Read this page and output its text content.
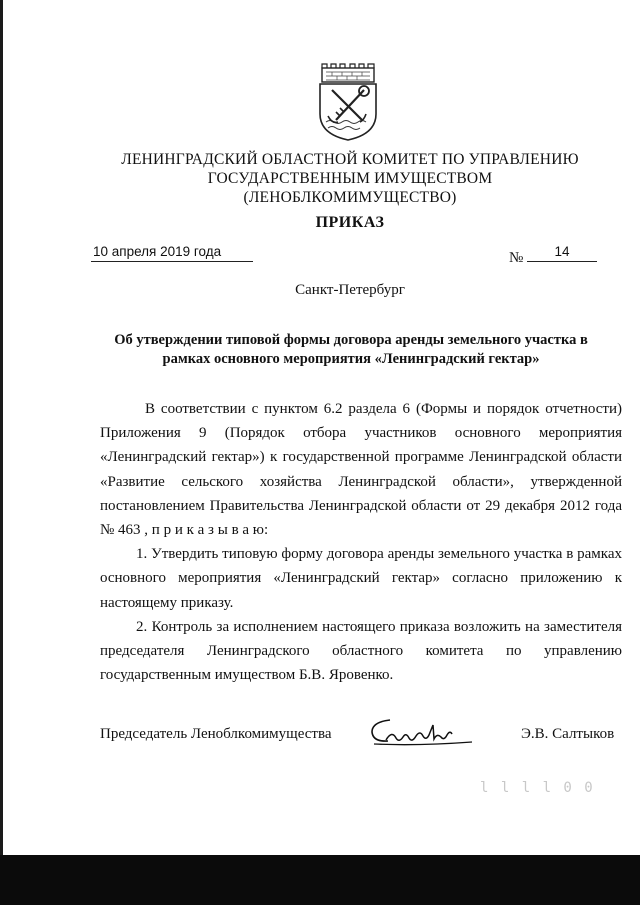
ЛЕНИНГРАДСКИЙ ОБЛАСТНОЙ КОМИТЕТ ПО УПРАВЛЕНИЮ
ГОСУДАРСТВЕННЫМ ИМУЩЕСТВОМ
(ЛЕНОБЛКОМИМУЩЕСТВО)
ПРИКАЗ
10 апреля 2019 года	№	14
Санкт-Петербург
Об утверждении типовой формы договора аренды земельного участка в
рамках основного мероприятия «Ленинградский гектар»

В соответствии с пунктом 6.2 раздела 6 (Формы и порядок отчетности) Приложения 9 (Порядок отбора участников основного мероприятия «Ленинградский гектар») к государственной программе Ленинградской области «Развитие сельского хозяйства Ленинградской области», утвержденной постановлением Правительства Ленинградской области от 29 декабря 2012 года № 463 , п р и к а з ы в а ю:

1. Утвердить типовую форму договора аренды земельного участка в рамках основного мероприятия «Ленинградский гектар» согласно приложению к настоящему приказу.

2. Контроль за исполнением настоящего приказа возложить на заместителя председателя Ленинградского областного комитета по управлению государственным имуществом Б.В. Яровенко.

Председатель Леноблкомимущества	Э.В. Салтыков
l l l l 0 0
